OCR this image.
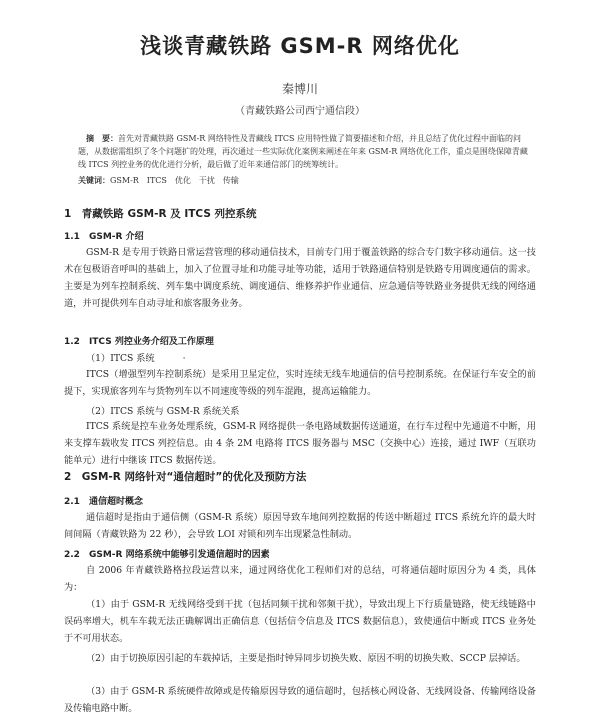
浅谈青藏铁路 GSM-R 网络优化
秦博川
（青藏铁路公司西宁通信段）
摘　要：首先对青藏铁路 GSM-R 网络特性及青藏线 ITCS 应用特性做了简要描述和介绍，并且总结了优化过程中面临的问题，从数据需组织了冬个问题扩的处理，再次通过一些实际优化案例来阐述在年来 GSM-R 网络优化工作，重点是围绕保障青藏线 ITCS 列控业务的优化进行分析，最后做了近年来通信部门的统筹统计。
关键词：GSM-R　ITCS　优化　干扰　传输
1　青藏铁路 GSM-R 及 ITCS 列控系统
1.1　GSM-R 介绍
GSM-R 是专用于铁路日常运营管理的移动通信技术，目前专门用于覆盖铁路的综合专门数字移动通信。这一技术在包极语音呼叫的基础上，加入了位置寻址和功能寻址等功能，适用于铁路通信特别是铁路专用调度通信的需求。主要是为列车控制系统、列车集中调度系统、调度通信、维修养护作业通信、应急通信等铁路业务提供无线的网络通道，并可提供列车自动寻址和旅客服务业务。
1.2　ITCS 列控业务介绍及工作原理
（1）ITCS 系统	·
ITCS（增强型列车控制系统）是采用卫星定位，实时连续无线车地通信的信号控制系统。在保证行车安全的前提下，实现旅客列车与货物列车以不同速度等级的列车混跑，提高运输能力。
（2）ITCS 系统与 GSM-R 系统关系
ITCS 系统是控车业务处理系统，GSM-R 网络提供一条电路域数据传送通道，在行车过程中先通道不中断，用来支撑车载收发 ITCS 列控信息。由 4 条 2M 电路将 ITCS 服务器与 MSC（交换中心）连接，通过 IWF（互联功能单元）进行中继该 ITCS 数据传送。
2　GSM-R 网络针对“通信超时”的优化及预防方法
2.1　通信超时概念
通信超时是指由于通信侧（GSM-R 系统）原因导致车地间列控数据的传送中断超过 ITCS 系统允许的最大时间间隔（青藏铁路为 22 秒），会导致 LOI 对锁和列车出现紧急性制动。
2.2　GSM-R 网络系统中能够引发通信超时的因素
自 2006 年青藏铁路格拉段运营以来，通过网络优化工程师们对的总结，可将通信超时原因分为 4 类，具体为：
（1）由于 GSM-R 无线网络受到干扰（包括同频干扰和邻频干扰），导致出现上下行质量链路，使无线链路中误码率增大，机车车载无法正确解调出正确信息（包括信令信息及 ITCS 数据信息），致使通信中断或 ITCS 业务处于不可用状态。
（2）由于切换原因引起的车载掉话，主要是指时钟异同步切换失败、原因不明的切换失败、SCCP 层掉话。
（3）由于 GSM-R 系统硬件故障或是传输原因导致的通信超时，包括核心网设备、无线网设备、传输网络设备及传输电路中断。
